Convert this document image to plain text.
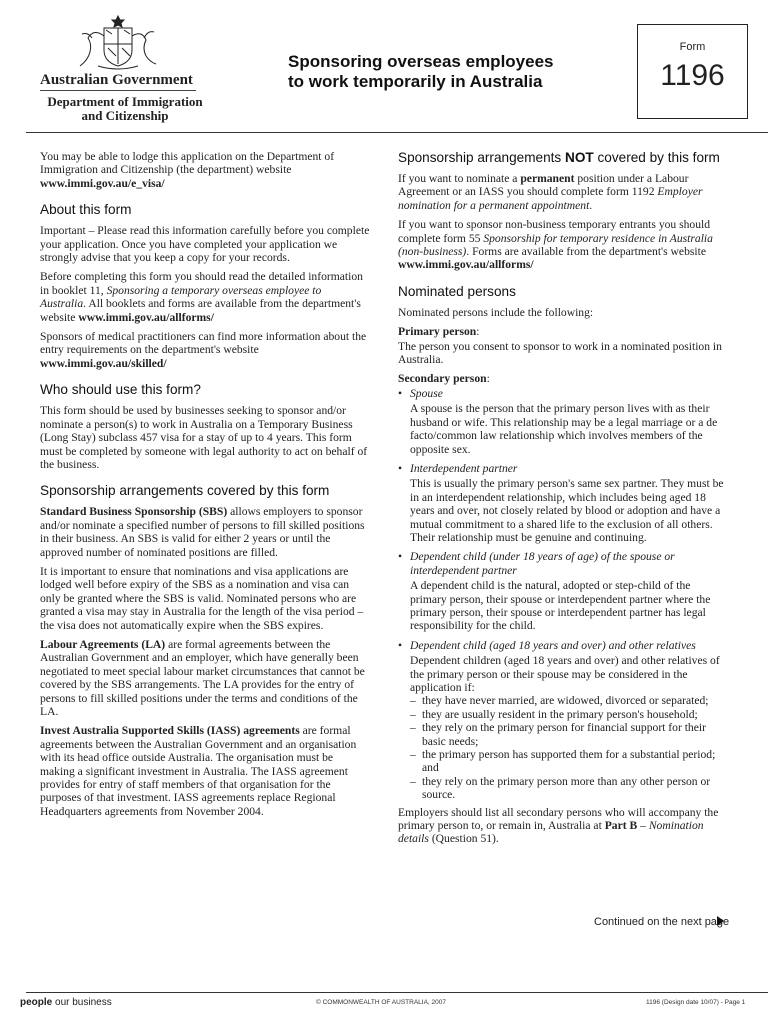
Australian Government
Department of Immigration
and Citizenship
Sponsoring overseas employees
to work temporarily in Australia
Form
1196

You may be able to lodge this application on the Department of Immigration and Citizenship (the department) website
www.immi.gov.au/e_visa/

About this form

Important – Please read this information carefully before you complete your application. Once you have completed your application we strongly advise that you keep a copy for your records.

Before completing this form you should read the detailed information in booklet 11, Sponsoring a temporary overseas employee to Australia. All booklets and forms are available from the department's website www.immi.gov.au/allforms/

Sponsors of medical practitioners can find more information about the entry requirements on the department's website
www.immi.gov.au/skilled/

Who should use this form?

This form should be used by businesses seeking to sponsor and/or nominate a person(s) to work in Australia on a Temporary Business (Long Stay) subclass 457 visa for a stay of up to 4 years. This form must be completed by someone with legal authority to act on behalf of the business.

Sponsorship arrangements covered by this form

Standard Business Sponsorship (SBS) allows employers to sponsor and/or nominate a specified number of persons to fill skilled positions in their business. An SBS is valid for either 2 years or until the approved number of nominated positions are filled.

It is important to ensure that nominations and visa applications are lodged well before expiry of the SBS as a nomination and visa can only be granted where the SBS is valid. Nominated persons who are granted a visa may stay in Australia for the length of the visa period – the visa does not automatically expire when the SBS expires.

Labour Agreements (LA) are formal agreements between the Australian Government and an employer, which have generally been negotiated to meet special labour market circumstances that cannot be covered by the SBS arrangements. The LA provides for the entry of persons to fill skilled positions under the terms and conditions of the LA.

Invest Australia Supported Skills (IASS) agreements are formal agreements between the Australian Government and an organisation with its head office outside Australia. The organisation must be making a significant investment in Australia. The IASS agreement provides for entry of staff members of that organisation for the purposes of that investment. IASS agreements replace Regional Headquarters agreements from November 2004.

Sponsorship arrangements NOT covered by this form

If you want to nominate a permanent position under a Labour Agreement or an IASS you should complete form 1192 Employer nomination for a permanent appointment.

If you want to sponsor non-business temporary entrants you should complete form 55 Sponsorship for temporary residence in Australia (non-business). Forms are available from the department's website www.immi.gov.au/allforms/

Nominated persons

Nominated persons include the following:

Primary person:

The person you consent to sponsor to work in a nominated position in Australia.

Secondary person:
• Spouse

A spouse is the person that the primary person lives with as their husband or wife. This relationship may be a legal marriage or a de facto/common law relationship which involves members of the opposite sex.

• Interdependent partner

This is usually the primary person's same sex partner. They must be in an interdependent relationship, which includes being aged 18 years and over, not closely related by blood or adoption and have a mutual commitment to a shared life to the exclusion of all others. Their relationship must be genuine and continuing.

• Dependent child (under 18 years of age) of the spouse or interdependent partner

A dependent child is the natural, adopted or step-child of the primary person, their spouse or interdependent partner where the primary person, their spouse or interdependent partner has legal responsibility for the child.

• Dependent child (aged 18 years and over) and other relatives

Dependent children (aged 18 years and over) and other relatives of the primary person or their spouse may be considered in the application if:

– they have never married, are widowed, divorced or separated;
– they are usually resident in the primary person's household;
– they rely on the primary person for financial support for their basic needs;
– the primary person has supported them for a substantial period; and
– they rely on the primary person more than any other person or source.

Employers should list all secondary persons who will accompany the primary person to, or remain in, Australia at Part B – Nomination details (Question 51).

Continued on the next page
people our business	© COMMONWEALTH OF AUSTRALIA, 2007	1196 (Design date 10/07) - Page 1
